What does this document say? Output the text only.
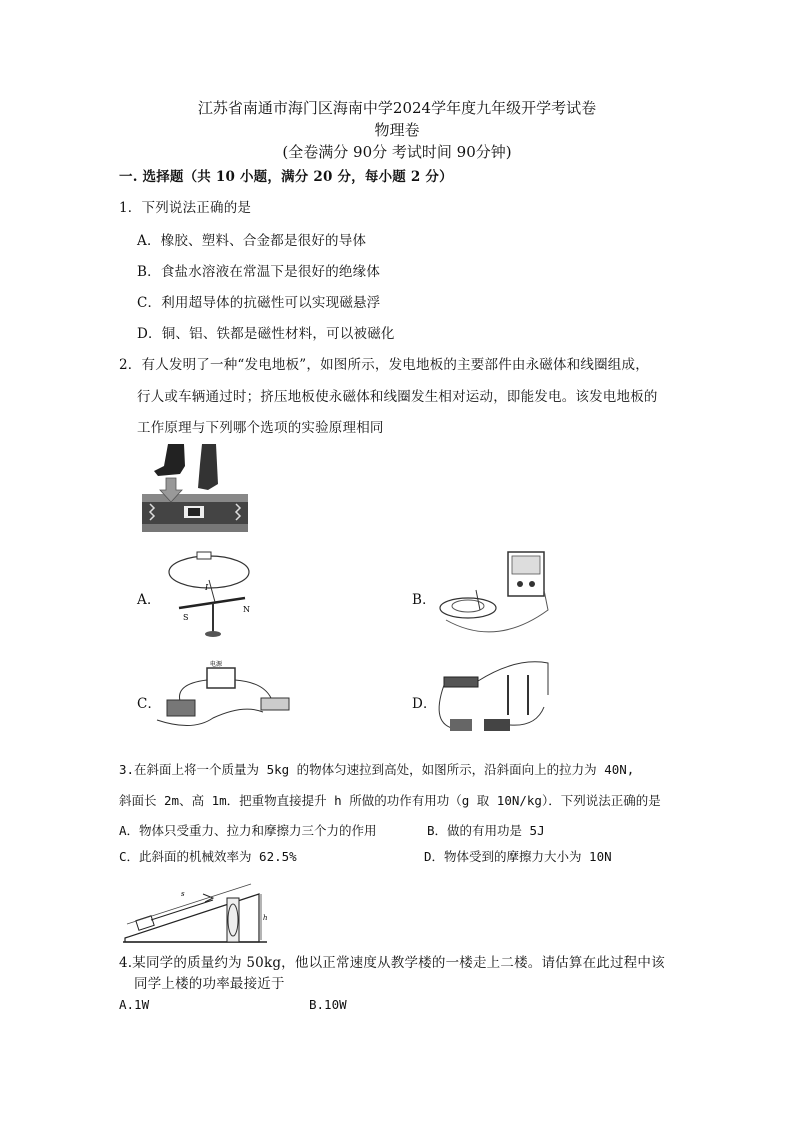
江苏省南通市海门区海南中学2024学年度九年级开学考试卷
物理卷
(全卷满分 90分 考试时间 90分钟)
一. 选择题（共 10 小题，满分 20 分，每小题 2 分）
1．下列说法正确的是
A．橡胶、塑料、合金都是很好的导体
B．食盐水溶液在常温下是很好的绝缘体
C．利用超导体的抗磁性可以实现磁悬浮
D．铜、铝、铁都是磁性材料，可以被磁化
2．有人发明了一种“发电地板”，如图所示，发电地板的主要部件由永磁体和线圈组成，
行人或车辆通过时；挤压地板使永磁体和线圈发生相对运动，即能发电。该发电地板的
工作原理与下列哪个选项的实验原理相同
A．
I
S
N
B．
C．
电源
D．
3.在斜面上将一个质量为 5kg 的物体匀速拉到高处，如图所示，沿斜面向上的拉力为 40N,
斜面长 2m、高 1m．把重物直接提升 h 所做的功作有用功（g 取 10N/kg）．下列说法正确的是
A．物体只受重力、拉力和摩擦力三个力的作用	B．做的有用功是 5J
C．此斜面的机械效率为 62.5%	D．物体受到的摩擦力大小为 10N
s
h
4.某同学的质量约为 50kg，他以正常速度从教学楼的一楼走上二楼。请估算在此过程中该
同学上楼的功率最接近于
A.1W	B.10W
